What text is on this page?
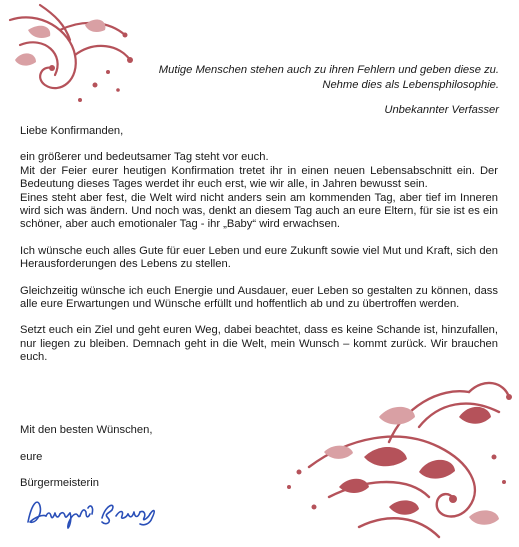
Mutige Menschen stehen auch zu ihren Fehlern und geben diese zu.
Nehme dies als Lebensphilosophie.
Unbekannter Verfasser

Liebe Konfirmanden,

ein größerer und bedeutsamer Tag steht vor euch.

Mit der Feier eurer heutigen Konfirmation tretet ihr in einen neuen Lebensabschnitt ein. Der Bedeutung dieses Tages werdet ihr euch erst, wie wir alle, in Jahren bewusst sein.

Eines steht aber fest, die Welt wird nicht anders sein am kommenden Tag, aber tief im Inneren wird sich was ändern. Und noch was, denkt an diesem Tag auch an eure Eltern, für sie ist es ein schöner, aber auch emotionaler Tag - ihr „Baby“ wird erwachsen.

Ich wünsche euch alles Gute für euer Leben und eure Zukunft sowie viel Mut und Kraft, sich den Herausforderungen des Lebens zu stellen.

Gleichzeitig wünsche ich euch Energie und Ausdauer, euer Leben so gestalten zu können, dass alle eure Erwartungen und Wünsche erfüllt und hoffentlich ab und zu übertroffen werden.

Setzt euch ein Ziel und geht euren Weg, dabei beachtet, dass es keine Schande ist, hinzufallen, nur liegen zu bleiben. Demnach geht in die Welt, mein Wunsch – kommt zurück. Wir brauchen euch.

Mit den besten Wünschen,
eure
Bürgermeisterin
